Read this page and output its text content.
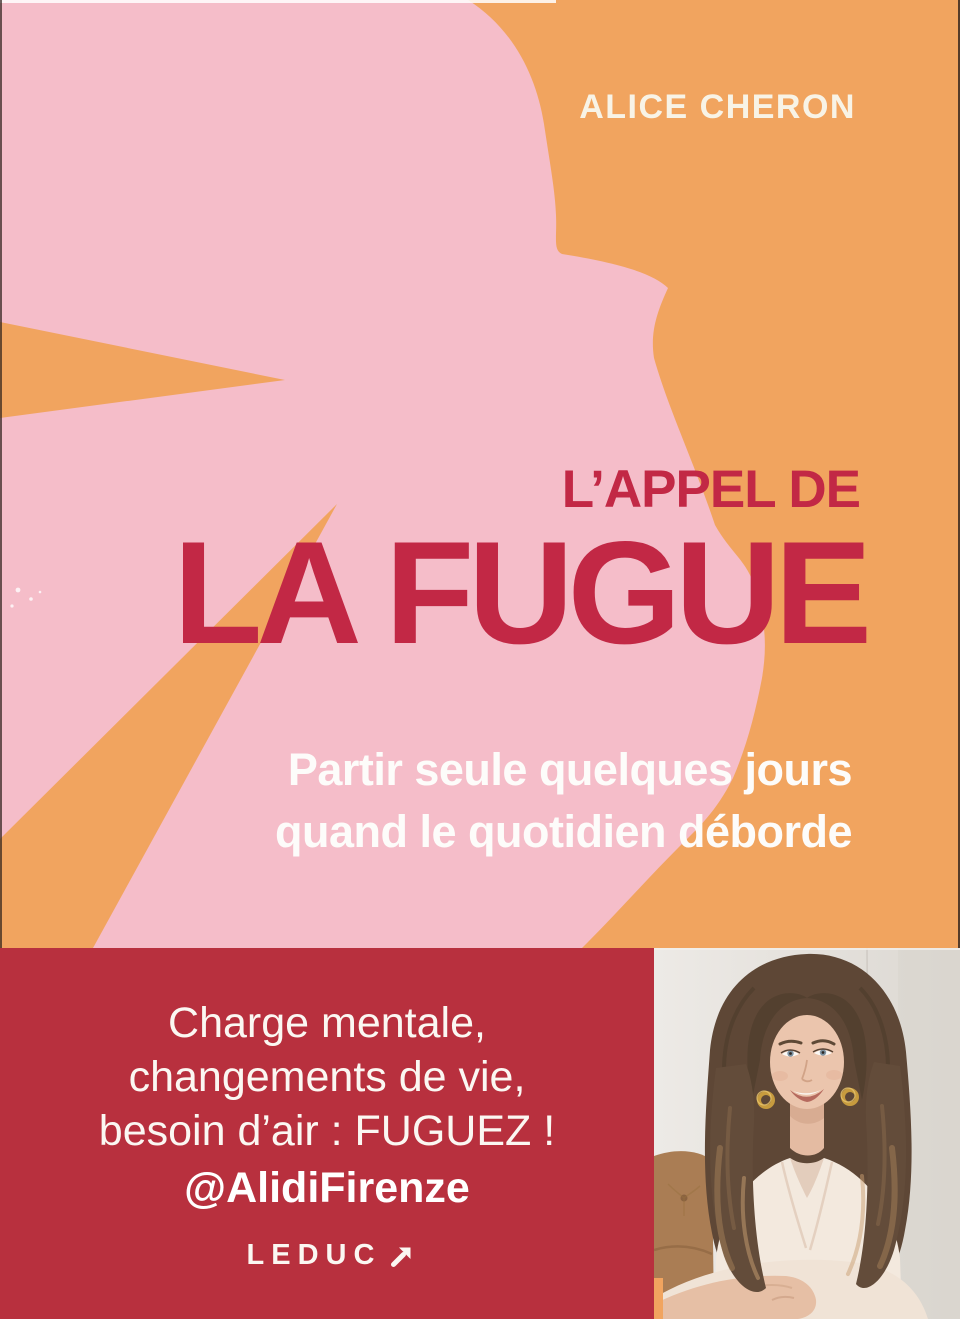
ALICE CHERON
L’APPEL DE
LA FUGUE
Partir seule quelques jours
quand le quotidien déborde
Charge mentale,
changements de vie,
besoin d’air : FUGUEZ !
@AlidiFirenze
LEDUC
